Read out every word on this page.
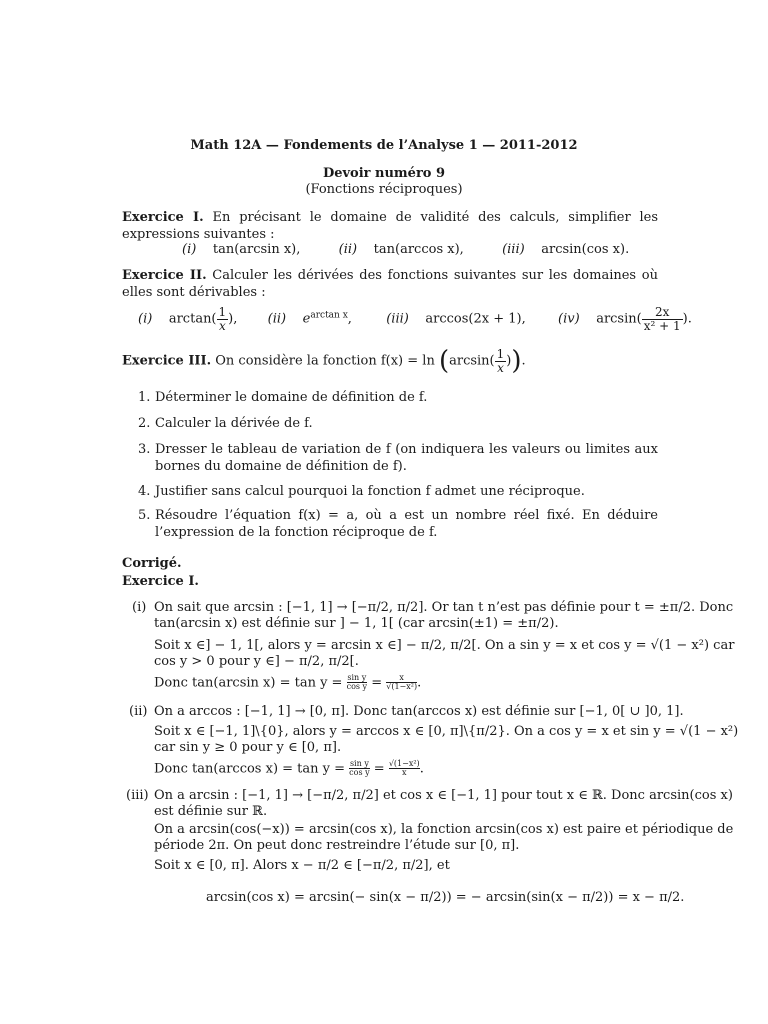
Math 12A — Fondements de l’Analyse 1 — 2011-2012
Devoir numéro 9
(Fonctions réciproques)
Exercice I. En précisant le domaine de validité des calculs, simplifier les expressions suivantes :
(i) tan(arcsin x),	(ii) tan(arccos x),	(iii) arcsin(cos x).
Exercice II. Calculer les dérivées des fonctions suivantes sur les domaines où elles sont dérivables :
(i) $\arctan( \frac{1}{x}$ ), (ii) $e^{arctan x}$,	(iii) arccos(2x + 1), (iv) $\arcsin( \frac{2x}{\text{x² + 1}}$ ).
Exercice III. On considère la fonction $f(x) = \ln (\arcsin( \frac{1}{x}$ )).
1. Déterminer le domaine de définition de f.
2. Calculer la dérivée de f.
3. Dresser le tableau de variation de f (on indiquera les valeurs ou limites aux bornes du domaine de définition de f).
4. Justifier sans calcul pourquoi la fonction f admet une réciproque.
5. Résoudre l’équation f(x) = a, où a est un nombre réel fixé. En déduire l’expression de la fonction réciproque de f.
Corrigé.
Exercice I.
(i) On sait que arcsin : [−1, 1] → [−π/2, π/2]. Or tan t n’est pas définie pour t = ±π/2. Donc
tan(arcsin x) est définie sur ] − 1, 1[ (car arcsin(±1) = ±π/2).
Soit x ∈] − 1, 1[, alors y = arcsin x ∈] − π/2, π/2[. On a sin y = x et cos y = √(1 − x²) car
cos y > 0 pour y ∈] − π/2, π/2[.
Donc tan(arcsin $x) = \tan y = \frac{\text{sin y}}{\text{cos y}} = \frac{x}{\text{√(1−x²)}}$ .
(ii) On a arccos : [−1, 1] → [0, π]. Donc tan(arccos x) est définie sur [−1, 0[ ∪ ]0, 1].
Soit x ∈ [−1, 1]\{0}, alors y = arccos x ∈ [0, π]\{π/2}. On a cos y = x et sin y = √(1 − x²)
car sin y ≥ 0 pour y ∈ [0, π].
Donc tan(arccos $x) = \tan y = \frac{\text{sin y}}{\text{cos y}} = \frac{\text{√(1−x²)}}{x}$ .
(iii) On a arcsin : [−1, 1] → [−π/2, π/2] et cos x ∈ [−1, 1] pour tout x ∈ ℝ. Donc arcsin(cos x)
est définie sur ℝ.
On a arcsin(cos(−x)) = arcsin(cos x), la fonction arcsin(cos x) est paire et périodique de
période 2π. On peut donc restreindre l’étude sur [0, π].
Soit x ∈ [0, π]. Alors x − π/2 ∈ [−π/2, π/2], et
arcsin(cos x) = arcsin(− sin(x − π/2)) = − arcsin(sin(x − π/2)) = x − π/2.
